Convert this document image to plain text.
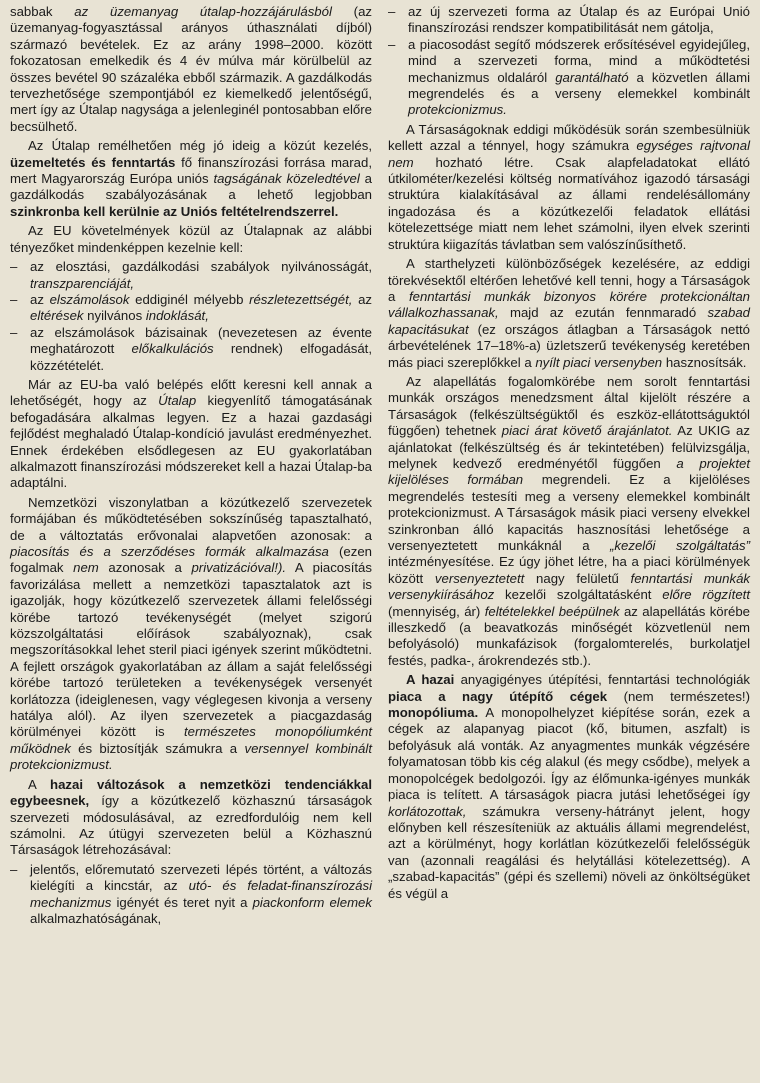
sabbak az üzemanyag útalap-hozzájárulásból (az üzemanyag-fogyasztással arányos úthasználati díjból) származó bevételek. Ez az arány 1998–2000. között fokozatosan emelkedik és 4 év múlva már körülbelül az összes bevétel 90 százaléka ebből származik. A gazdálkodás tervezhetősége szempontjából ez kiemelkedő jelentőségű, mert így az Útalap nagysága a jelenleginél pontosabban előre becsülhető.

Az Útalap remélhetően még jó ideig a közút kezelés, üzemeltetés és fenntartás fő finanszírozási forrása marad, mert Magyarország Európa uniós tagságának közeledtével a gazdálkodás szabályozásának a lehető legjobban szinkronba kell kerülnie az Uniós feltételrendszerrel.

Az EU követelmények közül az Útalapnak az alábbi tényezőket mindenképpen kezelnie kell:

– az elosztási, gazdálkodási szabályok nyilvánosságát, transzparenciáját,
– az elszámolások eddiginél mélyebb részletezettségét, az eltérések nyilvános indoklását,
– az elszámolások bázisainak (nevezetesen az évente meghatározott előkalkulációs rendnek) elfogadását, közzétételét.

Már az EU-ba való belépés előtt keresni kell annak a lehetőségét, hogy az Útalap kiegyenlítő támogatásának befogadására alkalmas legyen. Ez a hazai gazdasági fejlődést meghaladó Útalap-kondíció javulást eredményezhet. Ennek érdekében elsődlegesen az EU gyakorlatában alkalmazott finanszírozási módszereket kell a hazai Útalap-ba adaptálni.

Nemzetközi viszonylatban a közútkezelő szervezetek formájában és működtetésében sokszínűség tapasztalható, de a változtatás erővonalai alapvetően azonosak: a piacosítás és a szerződéses formák alkalmazása (ezen fogalmak nem azonosak a privatizációval!). A piacosítás favorizálása mellett a nemzetközi tapasztalatok azt is igazolják, hogy közútkezelő szervezetek állami felelősségi körébe tartozó tevékenységét (melyet szigorú közszolgáltatási előírások szabályoznak), csak megszorításokkal lehet steril piaci igények szerint működtetni. A fejlett országok gyakorlatában az állam a saját felelősségi körébe tartozó területeken a tevékenységek versenyét korlátozza (ideiglenesen, vagy véglegesen kivonja a verseny hatálya alól). Az ilyen szervezetek a piacgazdaság körülményei között is természetes monopóliumként működnek és biztosítják számukra a versennyel kombinált protekcionizmust.

A hazai változások a nemzetközi tendenciákkal egybeesnek, így a közútkezelő közhasznú társaságok szervezeti módosulásával, az ezredfordulóig nem kell számolni. Az útügyi szervezeten belül a Közhasznú Társaságok létrehozásával:

– jelentős, előremutató szervezeti lépés történt, a változás kielégíti a kincstár, az utó- és feladat-finanszírozási mechanizmus igényét és teret nyit a piackonform elemek alkalmazhatóságának,
– az új szervezeti forma az Útalap és az Európai Unió finanszírozási rendszer kompatibilitását nem gátolja,
– a piacosodást segítő módszerek erősítésével egyidejűleg, mind a szervezeti forma, mind a működtetési mechanizmus oldaláról garantálható a közvetlen állami megrendelés és a verseny elemekkel kombinált protekcionizmus.

A Társaságoknak eddigi működésük során szembesülniük kellett azzal a ténnyel, hogy számukra egységes rajtvonal nem hozható létre. Csak alapfeladatokat ellátó útkilométer/kezelési költség normatívához igazodó társasági struktúra kialakításával az állami rendelésállomány ingadozása és a közútkezelői feladatok ellátási kötelezettsége miatt nem lehet számolni, ilyen elvek szerinti struktúra kiigazítás távlatban sem valószínűsíthető.

A starthelyzeti különbözőségek kezelésére, az eddigi törekvésektől eltérően lehetővé kell tenni, hogy a Társaságok a fenntartási munkák bizonyos körére protekcionáltan vállalkozhassanak, majd az ezután fennmaradó szabad kapacitásukat (ez országos átlagban a Társaságok nettó árbevételének 17–18%-a) üzletszerű tevékenység keretében más piaci szereplőkkel a nyílt piaci versenyben hasznosítsák.

Az alapellátás fogalomkörébe nem sorolt fenntartási munkák országos menedzsment által kijelölt részére a Társaságok (felkészültségüktől és eszköz-ellátottságuktól függően) tehetnek piaci árat követő árajánlatot. Az UKIG az ajánlatokat (felkészültség és ár tekintetében) felülvizsgálja, melynek kedvező eredményétől függően a projektet kijelöléses formában megrendeli. Ez a kijelöléses megrendelés testesíti meg a verseny elemekkel kombinált protekcionizmust. A Társaságok másik piaci verseny elvekkel szinkronban álló kapacitás hasznosítási lehetősége a versenyeztetett munkáknál a „kezelői szolgáltatás” intézményesítése. Ez úgy jöhet létre, ha a piaci körülmények között versenyeztetett nagy felületű fenntartási munkák versenykiírásához kezelői szolgáltatásként előre rögzített (mennyiség, ár) feltételekkel beépülnek az alapellátás körébe illeszkedő (a beavatkozás minőségét közvetlenül nem befolyásoló) munkafázisok (forgalomterelés, burkolatjel festés, padka-, árokrendezés stb.).

A hazai anyagigényes útépítési, fenntartási technológiák piaca a nagy útépítő cégek (nem természetes!) monopóliuma. A monopolhelyzet kiépítése során, ezek a cégek az alapanyag piacot (kő, bitumen, aszfalt) is befolyásuk alá vonták. Az anyagmentes munkák végzésére folyamatosan több kis cég alakul (és megy csődbe), melyek a monopolcégek bedolgozói. Így az élőmunka-igényes munkák piaca is telített. A társaságok piacra jutási lehetőségei így korlátozottak, számukra verseny-hátrányt jelent, hogy előnyben kell részesíteniük az aktuális állami megrendelést, azt a körülményt, hogy korlátlan közútkezelői felelősségük van (azonnali reagálási és helytállási kötelezettség). A „szabad-kapacitás” (gépi és szellemi) növeli az önköltségüket és végül a
